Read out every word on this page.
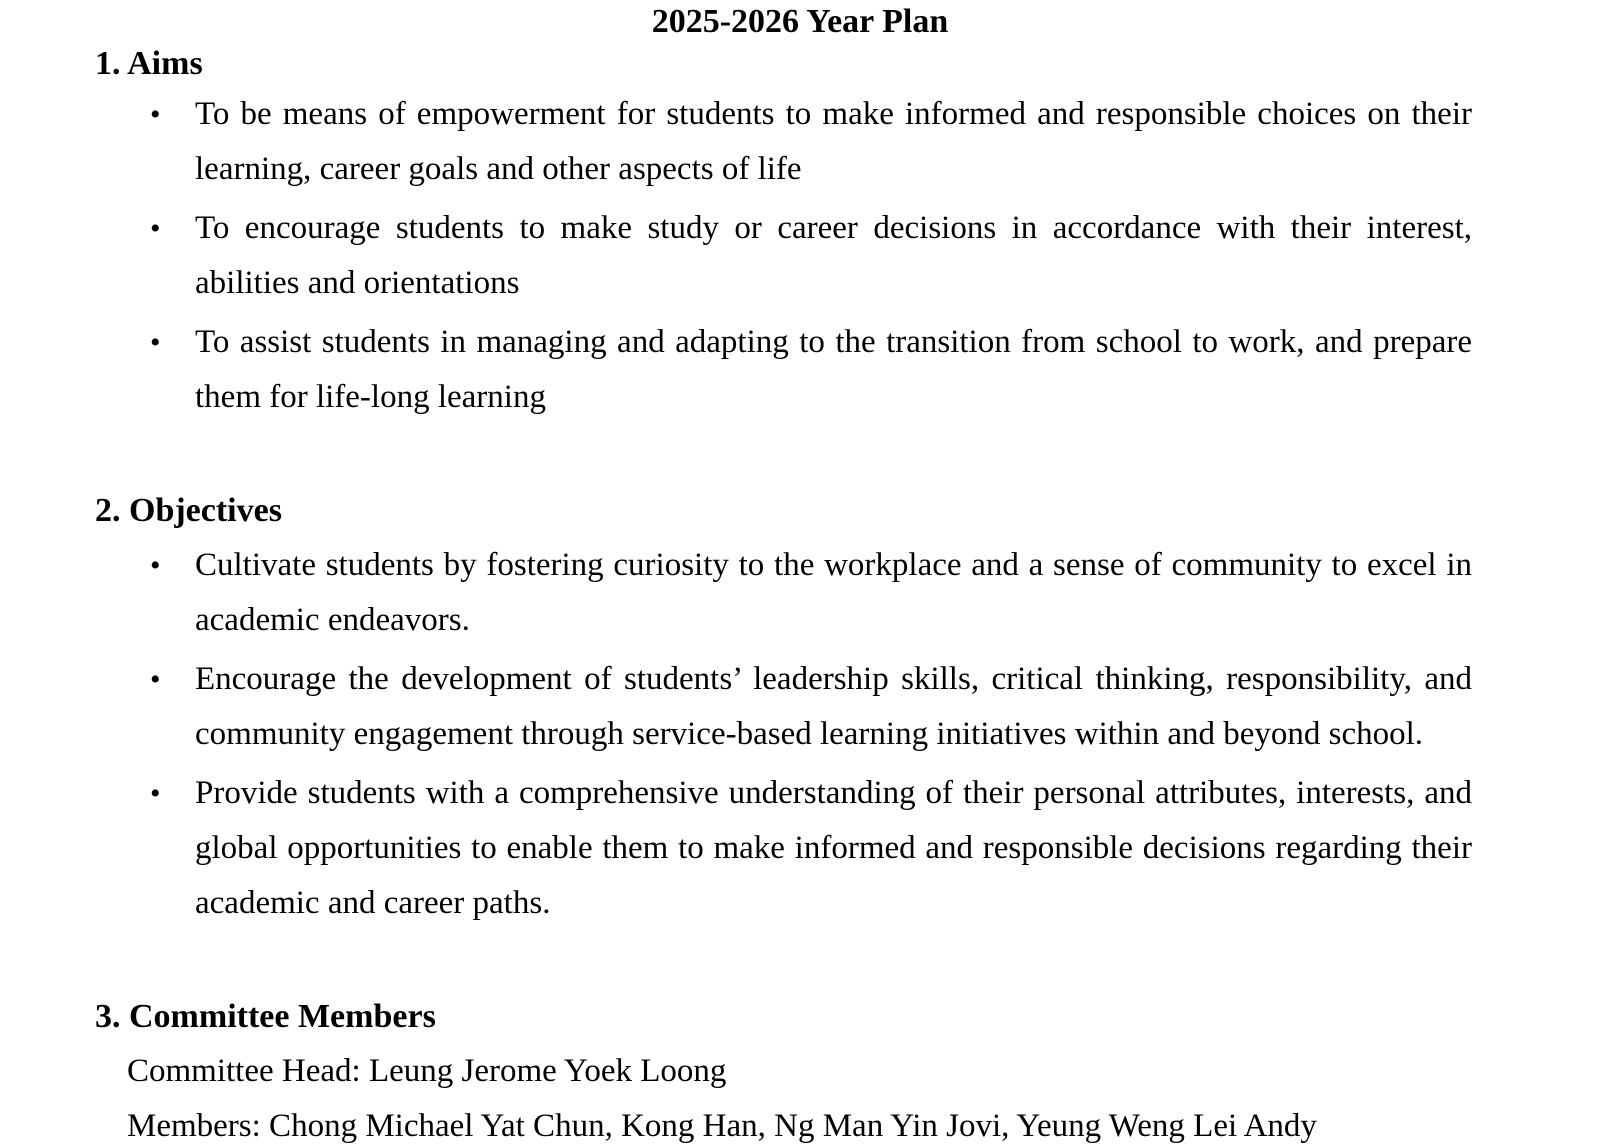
2025-2026 Year Plan
1. Aims
•	To be means of empowerment for students to make informed and responsible choices on their learning, career goals and other aspects of life
•	To encourage students to make study or career decisions in accordance with their interest, abilities and orientations
•	To assist students in managing and adapting to the transition from school to work, and prepare them for life-long learning
2. Objectives
•	Cultivate students by fostering curiosity to the workplace and a sense of community to excel in academic endeavors.
•	Encourage the development of students’ leadership skills, critical thinking, responsibility, and community engagement through service-based learning initiatives within and beyond school.
•	Provide students with a comprehensive understanding of their personal attributes, interests, and global opportunities to enable them to make informed and responsible decisions regarding their academic and career paths.
3. Committee Members
Committee Head: Leung Jerome Yoek Loong
Members: Chong Michael Yat Chun, Kong Han, Ng Man Yin Jovi, Yeung Weng Lei Andy
